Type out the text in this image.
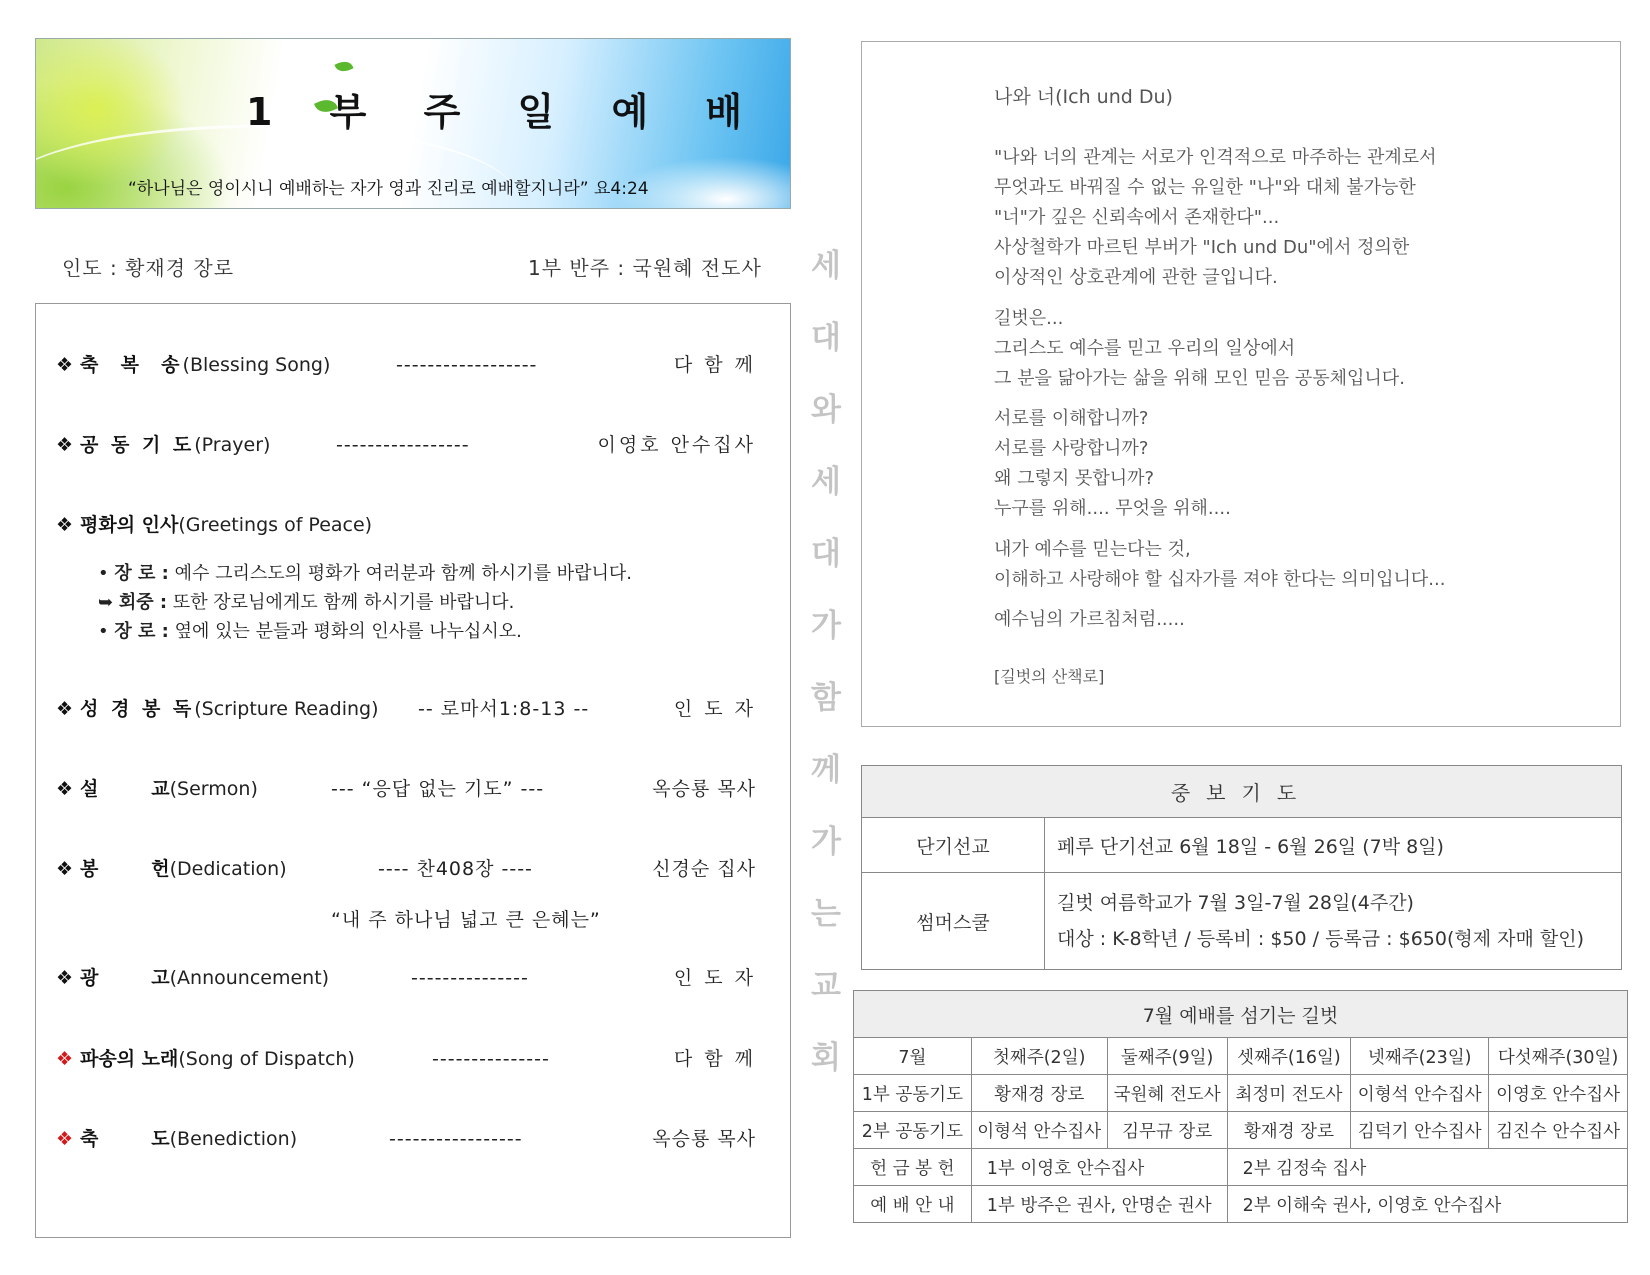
1 부 주 일 예 배
“하나님은 영이시니 예배하는 자가 영과 진리로 예배할지니라” 요4:24
인도 : 황재경 장로	1부 반주 : 국원혜 전도사
❖ 축  복  송(Blessing Song)	------------------	다 함 께
❖ 공 동 기 도(Prayer)	-----------------	이영호 안수집사
❖ 평화의 인사(Greetings of Peace)
• 장 로 : 예수 그리스도의 평화가 여러분과 함께 하시기를 바랍니다.
➥ 회중 : 또한 장로님에게도 함께 하시기를 바랍니다.
• 장 로 : 옆에 있는 분들과 평화의 인사를 나누십시오.
❖ 성 경 봉 독(Scripture Reading) -- 로마서1:8-13 --	인 도 자
❖ 설        교(Sermon)	--- “응답 없는 기도” ---	옥승룡 목사
❖ 봉        헌(Dedication)	---- 찬408장 ----	신경순 집사
“내 주 하나님 넓고 큰 은혜는”
❖ 광        고(Announcement)	---------------	인 도 자
❖ 파송의 노래(Song of Dispatch)	---------------	다 함 께
❖ 축        도(Benediction)	-----------------	옥승룡 목사
세
대
와
세
대
가
함
께
가
는
교
회

나와 너(Ich und Du)

"나와 너의 관계는 서로가 인격적으로 마주하는 관계로서

무엇과도 바꿔질 수 없는 유일한 "나"와 대체 불가능한

"너"가 깊은 신뢰속에서 존재한다"...

사상철학가 마르틴 부버가 "Ich und Du"에서 정의한

이상적인 상호관계에 관한 글입니다.

길벗은...

그리스도 예수를 믿고 우리의 일상에서

그 분을 닮아가는 삶을 위해 모인 믿음 공동체입니다.

서로를 이해합니까?

서로를 사랑합니까?

왜 그렇지 못합니까?

누구를 위해.... 무엇을 위해....

내가 예수를 믿는다는 것,

이해하고 사랑해야 할 십자가를 져야 한다는 의미입니다...

예수님의 가르침처럼.....

[길벗의 산책로]

중보기도	
단기선교	페루 단기선교 6월 18일 - 6월 26일 (7박 8일)
썸머스쿨	길벗 여름학교가 7월 3일-7월 28일(4주간)
대상 : K-8학년 / 등록비 : $50 / 등록금 : $650(형제 자매 할인)
7월 예배를 섬기는 길벗					
7월	첫째주(2일)	둘째주(9일)	셋째주(16일)	넷째주(23일)	다섯째주(30일)
1부 공동기도	황재경 장로	국원혜 전도사	최정미 전도사	이형석 안수집사	이영호 안수집사
2부 공동기도	이형석 안수집사	김무규 장로	황재경 장로	김덕기 안수집사	김진수 안수집사
헌 금 봉 헌	1부 이영호 안수집사		2부 김정숙 집사		
예 배 안 내	1부 방주은 권사, 안명순 권사		2부 이해숙 권사, 이영호 안수집사		
